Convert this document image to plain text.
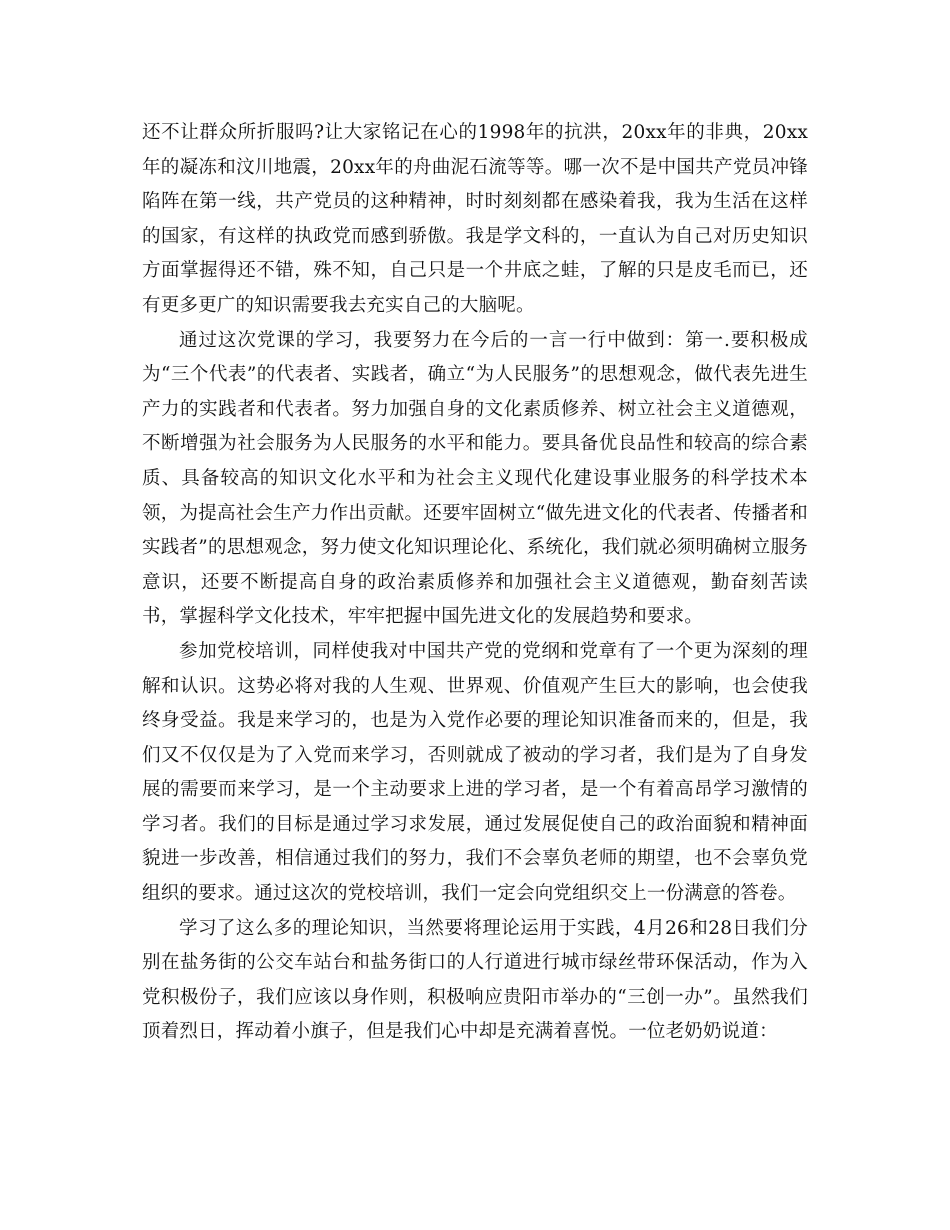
还不让群众所折服吗?让大家铭记在心的1998年的抗洪，20xx年的非典，20xx年的凝冻和汶川地震，20xx年的舟曲泥石流等等。哪一次不是中国共产党员冲锋陷阵在第一线，共产党员的这种精神，时时刻刻都在感染着我，我为生活在这样的国家，有这样的执政党而感到骄傲。我是学文科的，一直认为自己对历史知识方面掌握得还不错，殊不知，自己只是一个井底之蛙，了解的只是皮毛而已，还有更多更广的知识需要我去充实自己的大脑呢。

通过这次党课的学习，我要努力在今后的一言一行中做到：第一.要积极成为“三个代表”的代表者、实践者，确立“为人民服务”的思想观念，做代表先进生产力的实践者和代表者。努力加强自身的文化素质修养、树立社会主义道德观，不断增强为社会服务为人民服务的水平和能力。要具备优良品性和较高的综合素质、具备较高的知识文化水平和为社会主义现代化建设事业服务的科学技术本领，为提高社会生产力作出贡献。还要牢固树立“做先进文化的代表者、传播者和实践者”的思想观念，努力使文化知识理论化、系统化，我们就必须明确树立服务意识，还要不断提高自身的政治素质修养和加强社会主义道德观，勤奋刻苦读书，掌握科学文化技术，牢牢把握中国先进文化的发展趋势和要求。

参加党校培训，同样使我对中国共产党的党纲和党章有了一个更为深刻的理解和认识。这势必将对我的人生观、世界观、价值观产生巨大的影响，也会使我终身受益。我是来学习的，也是为入党作必要的理论知识准备而来的，但是，我们又不仅仅是为了入党而来学习，否则就成了被动的学习者，我们是为了自身发展的需要而来学习，是一个主动要求上进的学习者，是一个有着高昂学习激情的学习者。我们的目标是通过学习求发展，通过发展促使自己的政治面貌和精神面貌进一步改善，相信通过我们的努力，我们不会辜负老师的期望，也不会辜负党组织的要求。通过这次的党校培训，我们一定会向党组织交上一份满意的答卷。

学习了这么多的理论知识，当然要将理论运用于实践，4月26和28日我们分别在盐务街的公交车站台和盐务街口的人行道进行城市绿丝带环保活动，作为入党积极份子，我们应该以身作则，积极响应贵阳市举办的“三创一办”。虽然我们顶着烈日，挥动着小旗子，但是我们心中却是充满着喜悦。一位老奶奶说道：
